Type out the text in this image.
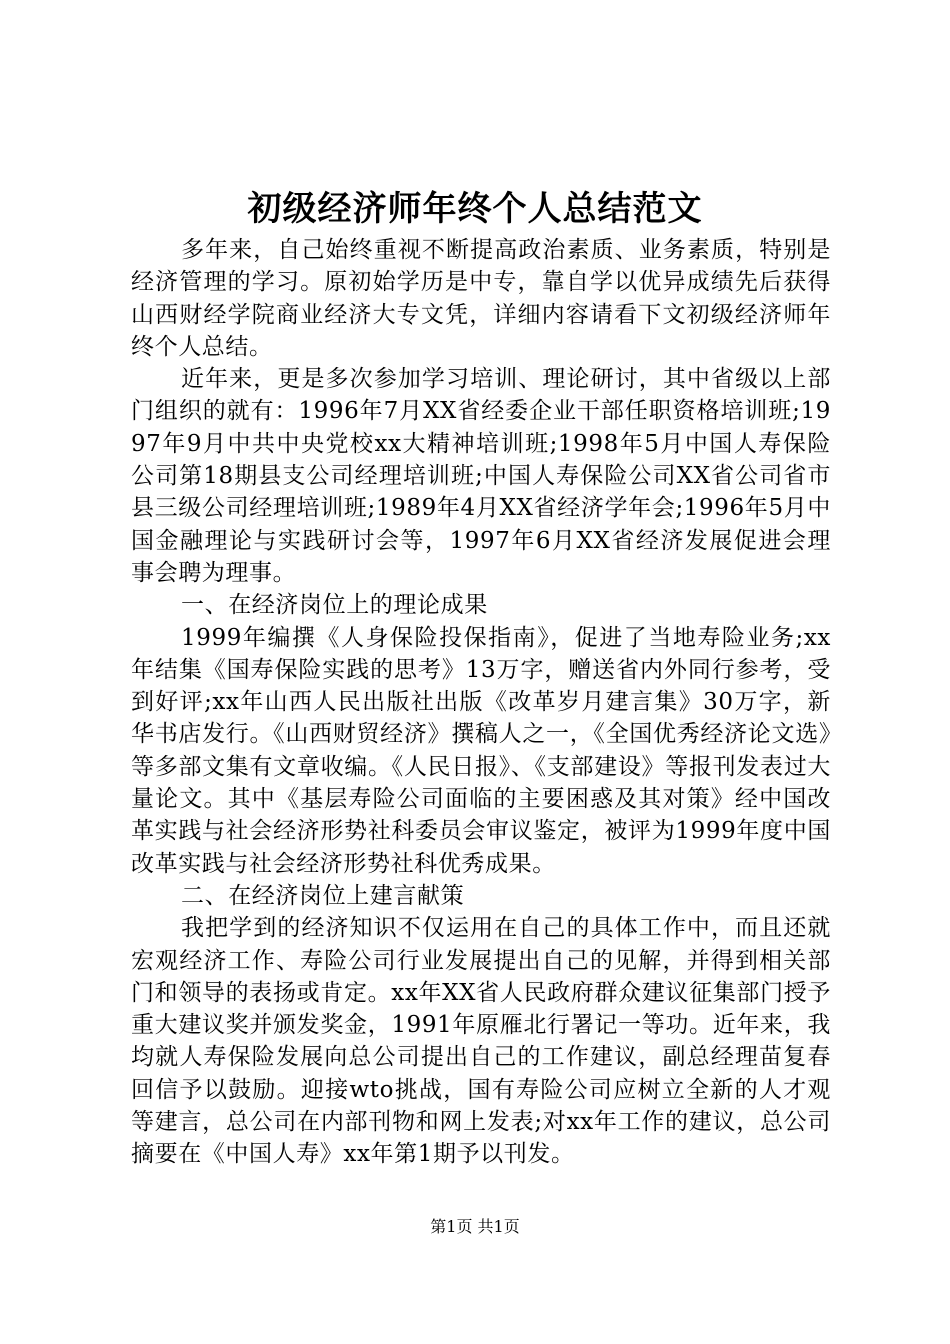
初级经济师年终个人总结范文

多年来，自己始终重视不断提高政治素质、业务素质，特别是经济管理的学习。原初始学历是中专，靠自学以优异成绩先后获得山西财经学院商业经济大专文凭，详细内容请看下文初级经济师年终个人总结。

近年来，更是多次参加学习培训、理论研讨，其中省级以上部门组织的就有：1996年7月XX省经委企业干部任职资格培训班;1997年9月中共中央党校xx大精神培训班;1998年5月中国人寿保险公司第18期县支公司经理培训班;中国人寿保险公司XX省公司省市县三级公司经理培训班;1989年4月XX省经济学年会;1996年5月中国金融理论与实践研讨会等，1997年6月XX省经济发展促进会理事会聘为理事。

一、在经济岗位上的理论成果

1999年编撰《人身保险投保指南》，促进了当地寿险业务;xx年结集《国寿保险实践的思考》13万字，赠送省内外同行参考，受到好评;xx年山西人民出版社出版《改革岁月建言集》30万字，新华书店发行。《山西财贸经济》撰稿人之一，《全国优秀经济论文选》等多部文集有文章收编。《人民日报》、《支部建设》等报刊发表过大量论文。其中《基层寿险公司面临的主要困惑及其对策》经中国改革实践与社会经济形势社科委员会审议鉴定，被评为1999年度中国改革实践与社会经济形势社科优秀成果。

二、在经济岗位上建言献策

我把学到的经济知识不仅运用在自己的具体工作中，而且还就宏观经济工作、寿险公司行业发展提出自己的见解，并得到相关部门和领导的表扬或肯定。xx年XX省人民政府群众建议征集部门授予重大建议奖并颁发奖金，1991年原雁北行署记一等功。近年来，我均就人寿保险发展向总公司提出自己的工作建议，副总经理苗复春回信予以鼓励。迎接wto挑战，国有寿险公司应树立全新的人才观等建言，总公司在内部刊物和网上发表;对xx年工作的建议，总公司摘要在《中国人寿》xx年第1期予以刊发。

第1页 共1页
